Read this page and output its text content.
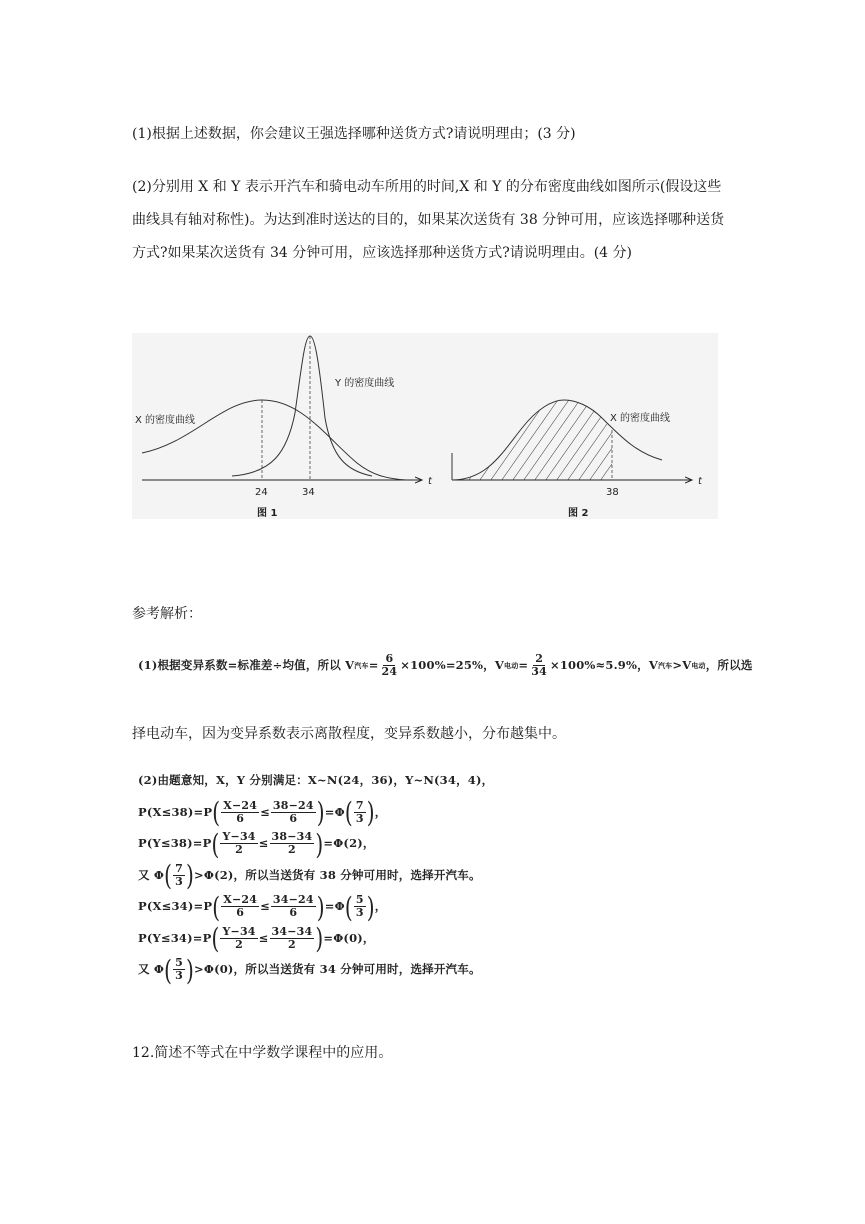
(1)根据上述数据，你会建议王强选择哪种送货方式?请说明理由；(3 分)

(2)分别用 X 和 Y 表示开汽车和骑电动车所用的时间,X 和 Y 的分布密度曲线如图所示(假设这些曲线具有轴对称性)。为达到准时送达的目的，如果某次送货有 38 分钟可用，应该选择哪种送货方式?如果某次送货有 34 分钟可用，应该选择那种送货方式?请说明理由。(4 分)

t
24	34
X 的密度曲线
Y 的密度曲线
图 1
t
38
X 的密度曲线
图 2

参考解析：

(1)根据变异系数=标准差÷均值，所以 V 汽车 = $\frac{6}{24} \times 100\%=25\%$，V 电动 = $\frac{2}{34} \times 100\%\approx 5.9\%$，V 汽车 >V 电动 ，所以选

择电动车，因为变异系数表示离散程度，变异系数越小，分布越集中。

(2)由题意知，X，Y 分别满足：X~N(24，36)，Y~N(34，4)，
P(X≤38)=P ( $\frac{X-24}{6} \le \frac{38-24}{6}$ ) =Φ ( $\frac{7}{3}$ ) ，
P(Y≤38)=P ( $\frac{Y-34}{2} \le \frac{38-34}{2}$ ) =Φ(2)，
又 Φ ( $\frac{7}{3}$ ) >Φ(2)，所以当送货有 38 分钟可用时，选择开汽车。
P(X≤34)=P ( $\frac{X-24}{6} \le \frac{34-24}{6}$ ) =Φ ( $\frac{5}{3}$ ) ，
P(Y≤34)=P ( $\frac{Y-34}{2} \le \frac{34-34}{2}$ ) =Φ(0)，
又 Φ ( $\frac{5}{3}$ ) >Φ(0)，所以当送货有 34 分钟可用时，选择开汽车。

12.简述不等式在中学数学课程中的应用。
